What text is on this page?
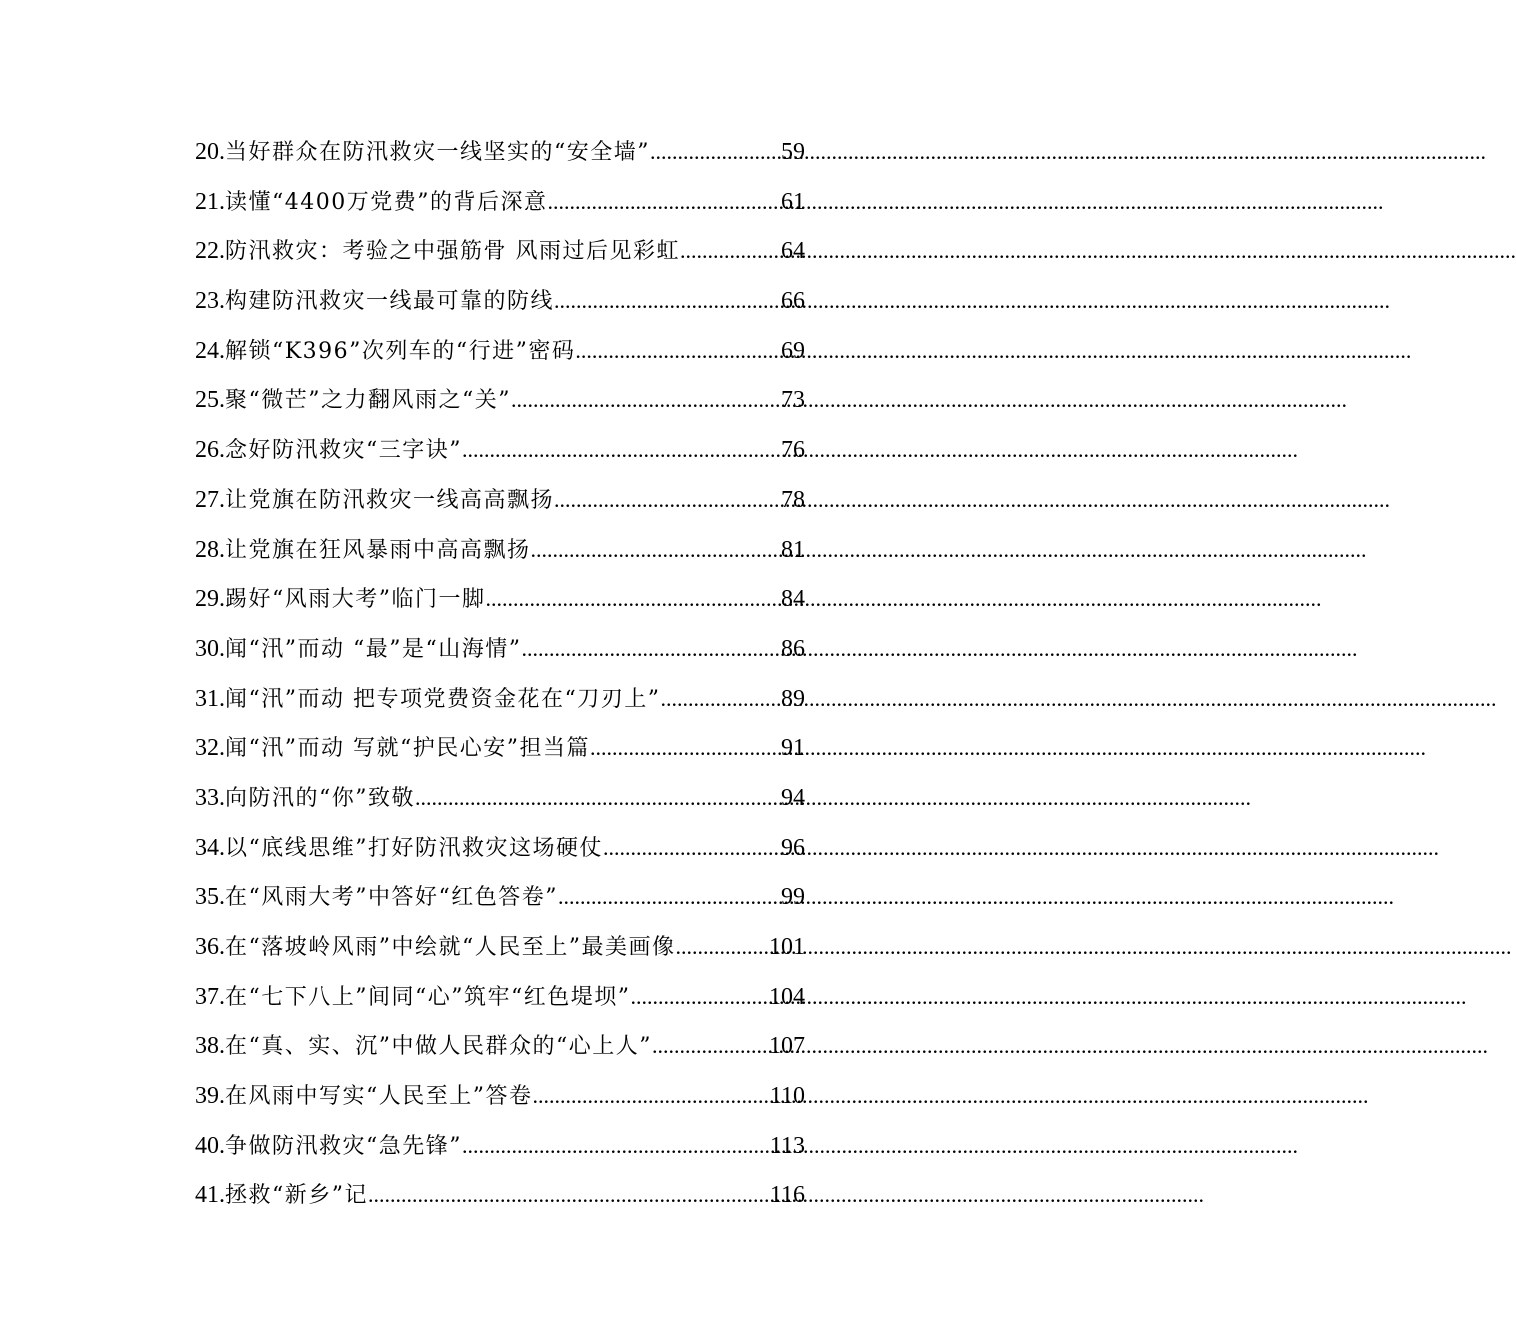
20. 当好群众在防汛救灾一线坚实的“安全墙” .....	59
21. 读懂“4400万党费”的背后深意 .....	61
22. 防汛救灾：考验之中强筋骨 风雨过后见彩虹 .....	64
23. 构建防汛救灾一线最可靠的防线 .....	66
24. 解锁“K396”次列车的“行进”密码 .....	69
25. 聚“微芒”之力翻风雨之“关” .....	73
26. 念好防汛救灾“三字诀” .....	76
27. 让党旗在防汛救灾一线高高飘扬 .....	78
28. 让党旗在狂风暴雨中高高飘扬 .....	81
29. 踢好“风雨大考”临门一脚 .....	84
30. 闻“汛”而动 “最”是“山海情” .....	86
31. 闻“汛”而动 把专项党费资金花在“刀刃上” .....	89
32. 闻“汛”而动 写就“护民心安”担当篇 .....	91
33. 向防汛的“你”致敬 .....	94
34. 以“底线思维”打好防汛救灾这场硬仗 .....	96
35. 在“风雨大考”中答好“红色答卷” .....	99
36. 在“落坡岭风雨”中绘就“人民至上”最美画像 .....	101
37. 在“七下八上”间同“心”筑牢“红色堤坝” .....	104
38. 在“真、实、沉”中做人民群众的“心上人” .....	107
39. 在风雨中写实“人民至上”答卷 .....	110
40. 争做防汛救灾“急先锋” .....	113
41. 拯救“新乡”记 .....	116
